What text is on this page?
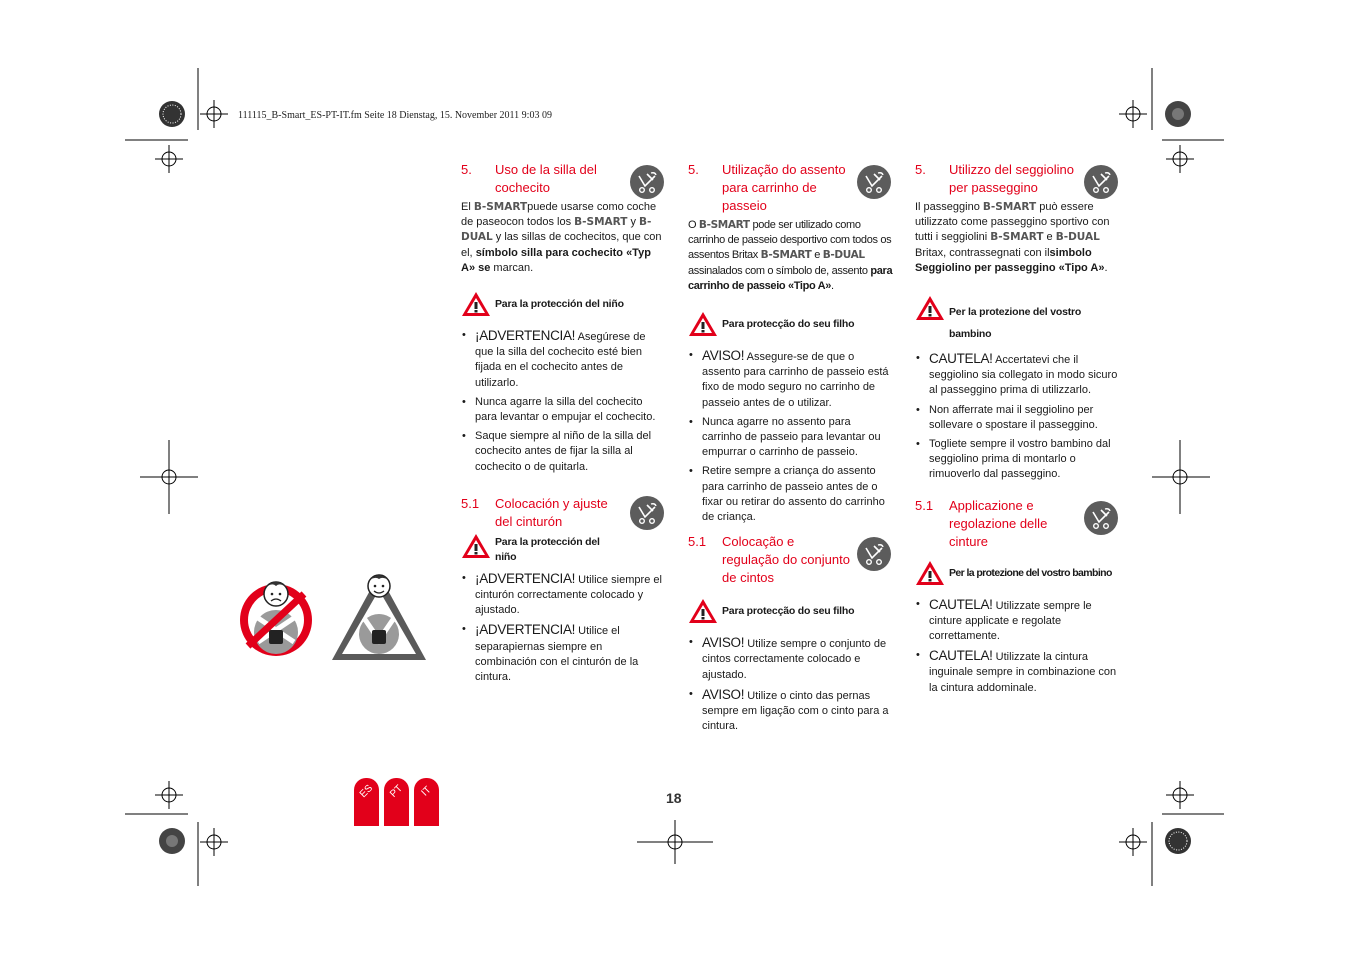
111115_B-Smart_ES-PT-IT.fm Seite 18 Dienstag, 15. November 2011 9:03 09
5. Uso de la silla del cochecito

El B-SMARTpuede usarse como coche de paseocon todos los B-SMART y B-DUAL y las sillas de cochecitos, que con el, símbolo silla para cochecito «Typ A» se marcan.

Para la protección del niño
• ¡ADVERTENCIA! Asegúrese de que la silla del cochecito esté bien fijada en el cochecito antes de utilizarlo.
• Nunca agarre la silla del cochecito para levantar o empujar el cochecito.
• Saque siempre al niño de la silla del cochecito antes de fijar la silla al cochecito o de quitarla.
5.1 Colocación y ajuste del cinturón
Para la protección del niño
• ¡ADVERTENCIA! Utilice siempre el cinturón correctamente colocado y ajustado.
• ¡ADVERTENCIA! Utilice el separapiernas siempre en combinación con el cinturón de la cintura.
5. Utilização do assento para carrinho de passeio

O B-SMART pode ser utilizado como carrinho de passeio desportivo com todos os assentos Britax B-SMART e B-DUAL assinalados com o símbolo de, assento para carrinho de passeio «Tipo A».

Para protecção do seu filho
• AVISO! Assegure-se de que o assento para carrinho de passeio está fixo de modo seguro no carrinho de passeio antes de o utilizar.
• Nunca agarre no assento para carrinho de passeio para levantar ou empurrar o carrinho de passeio.
• Retire sempre a criança do assento para carrinho de passeio antes de o fixar ou retirar do assento do carrinho de criança.
5.1 Colocação e regulação do conjunto de cintos
Para protecção do seu filho
• AVISO! Utilize sempre o conjunto de cintos correctamente colocado e ajustado.
• AVISO! Utilize o cinto das pernas sempre em ligação com o cinto para a cintura.
5. Utilizzo del seggiolino per passeggino

Il passeggino B-SMART può essere utilizzato come passeggino sportivo con tutti i seggiolini B-SMART e B-DUAL Britax, contrassegnati con ilsimbolo Seggiolino per passeggino «Tipo A».

Per la protezione del vostro bambino
• CAUTELA! Accertatevi che il seggiolino sia collegato in modo sicuro al passeggino prima di utilizzarlo.
• Non afferrate mai il seggiolino per sollevare o spostare il passeggino.
• Togliete sempre il vostro bambino dal seggiolino prima di montarlo o rimuoverlo dal passeggino.
5.1 Applicazione e regolazione delle cinture
Per la protezione del vostro bambino
• CAUTELA! Utilizzate sempre le cinture applicate e regolate correttamente.
• CAUTELA! Utilizzate la cintura inguinale sempre in combinazione con la cintura addominale.
18
ES	PT	IT
